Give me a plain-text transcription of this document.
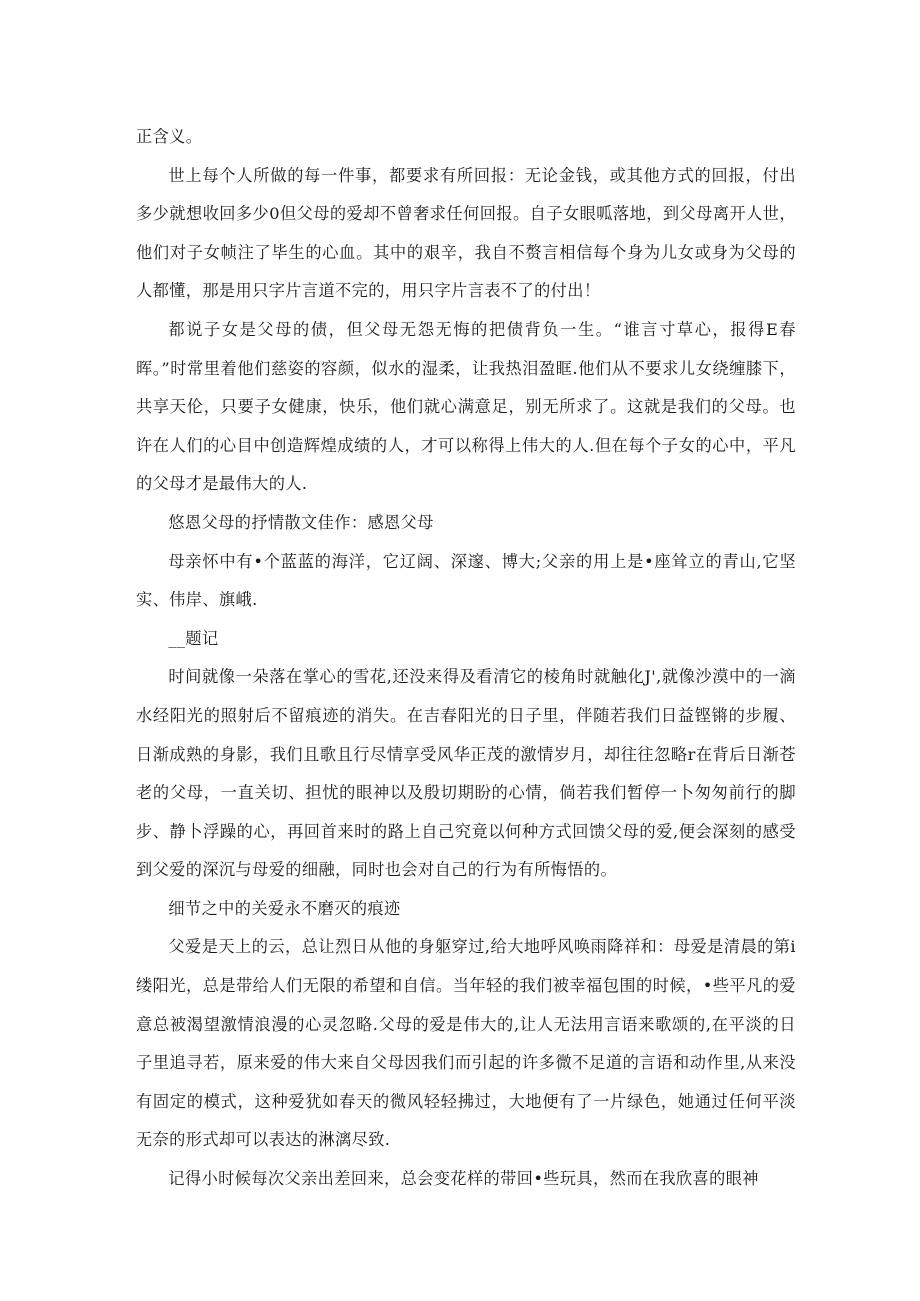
正含义。

世上每个人所做的每一件事，都要求有所回报：无论金钱，或其他方式的回报，付出多少就想收回多少0但父母的爱却不曾奢求任何回报。自子女眼呱落地，到父母离开人世，他们对子女帧注了毕生的心血。其中的艰辛，我自不赘言相信每个身为儿女或身为父母的人都懂，那是用只字片言道不完的，用只字片言表不了的付出！

都说子女是父母的债，但父母无怨无悔的把债背负一生。“谁言寸草心，报得E春晖。”时常里着他们慈姿的容颜，似水的湿柔，让我热泪盈眶.他们从不要求儿女绕缠膝下，共享天伦，只要子女健康，快乐，他们就心满意足，别无所求了。这就是我们的父母。也许在人们的心目中创造辉煌成绩的人，才可以称得上伟大的人.但在每个子女的心中，平凡的父母才是最伟大的人.

悠恩父母的抒情散文佳作：感恩父母

母亲怀中有•个蓝蓝的海洋，它辽阔、深邃、博大;父亲的用上是•座耸立的青山,它坚实、伟岸、旗峨.

__题记

时间就像一朵落在掌心的雪花,还没来得及看清它的棱角时就触化J',就像沙漠中的一滴水经阳光的照射后不留痕迹的消失。在吉春阳光的日子里，伴随若我们日益铿锵的步履、日渐成熟的身影，我们且歌且行尽情享受风华正茂的激情岁月，却往往忽略r在背后日渐苍老的父母，一直关切、担忧的眼神以及殷切期盼的心情，倘若我们暂停一卜匆匆前行的脚步、静卜浮躁的心，再回首来时的路上自己究竟以何种方式回馈父母的爱,便会深刻的感受到父爱的深沉与母爱的细融，同时也会对自己的行为有所悔悟的。

细节之中的关爱永不磨灭的痕迹

父爱是天上的云，总让烈日从他的身躯穿过,给大地呼风唤雨降祥和：母爱是清晨的第i缕阳光，总是带给人们无限的希望和自信。当年轻的我们被幸福包围的时候，•些平凡的爱意总被渴望激情浪漫的心灵忽略.父母的爱是伟大的,让人无法用言语来歌颂的,在平淡的日子里追寻若，原来爱的伟大来自父母因我们而引起的许多微不足道的言语和动作里,从来没有固定的模式，这种爱犹如春天的微风轻轻拂过，大地便有了一片绿色，她通过任何平淡无奈的形式却可以表达的淋漓尽致.

记得小时候每次父亲出差回来，总会变花样的带回•些玩具，然而在我欣喜的眼神
